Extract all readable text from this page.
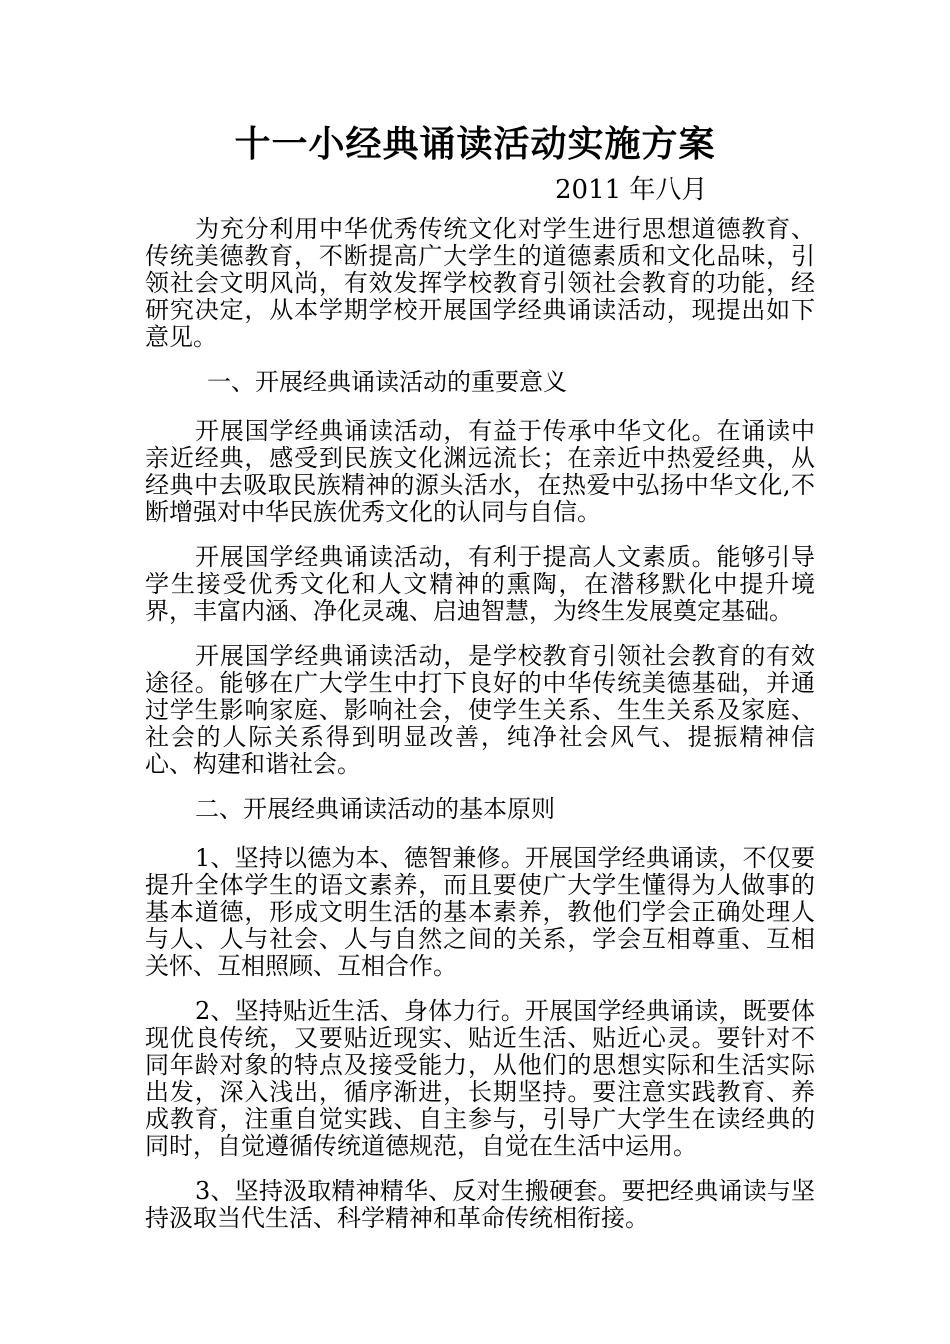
十一小经典诵读活动实施方案
2011 年八月

为充分利用中华优秀传统文化对学生进行思想道德教育、传统美德教育，不断提高广大学生的道德素质和文化品味，引领社会文明风尚，有效发挥学校教育引领社会教育的功能，经研究决定，从本学期学校开展国学经典诵读活动，现提出如下意见。

一、开展经典诵读活动的重要意义

开展国学经典诵读活动，有益于传承中华文化。在诵读中亲近经典，感受到民族文化渊远流长；在亲近中热爱经典，从经典中去吸取民族精神的源头活水，在热爱中弘扬中华文化,不断增强对中华民族优秀文化的认同与自信。

开展国学经典诵读活动，有利于提高人文素质。能够引导学生接受优秀文化和人文精神的熏陶，在潜移默化中提升境界，丰富内涵、净化灵魂、启迪智慧，为终生发展奠定基础。

开展国学经典诵读活动，是学校教育引领社会教育的有效途径。能够在广大学生中打下良好的中华传统美德基础，并通过学生影响家庭、影响社会，使学生关系、生生关系及家庭、社会的人际关系得到明显改善，纯净社会风气、提振精神信心、构建和谐社会。

二、开展经典诵读活动的基本原则

1、坚持以德为本、德智兼修。开展国学经典诵读，不仅要提升全体学生的语文素养，而且要使广大学生懂得为人做事的基本道德，形成文明生活的基本素养，教他们学会正确处理人与人、人与社会、人与自然之间的关系，学会互相尊重、互相关怀、互相照顾、互相合作。

2、坚持贴近生活、身体力行。开展国学经典诵读，既要体现优良传统，又要贴近现实、贴近生活、贴近心灵。要针对不同年龄对象的特点及接受能力，从他们的思想实际和生活实际出发，深入浅出，循序渐进，长期坚持。要注意实践教育、养成教育，注重自觉实践、自主参与，引导广大学生在读经典的同时，自觉遵循传统道德规范，自觉在生活中运用。

3、坚持汲取精神精华、反对生搬硬套。要把经典诵读与坚持汲取当代生活、科学精神和革命传统相衔接。
